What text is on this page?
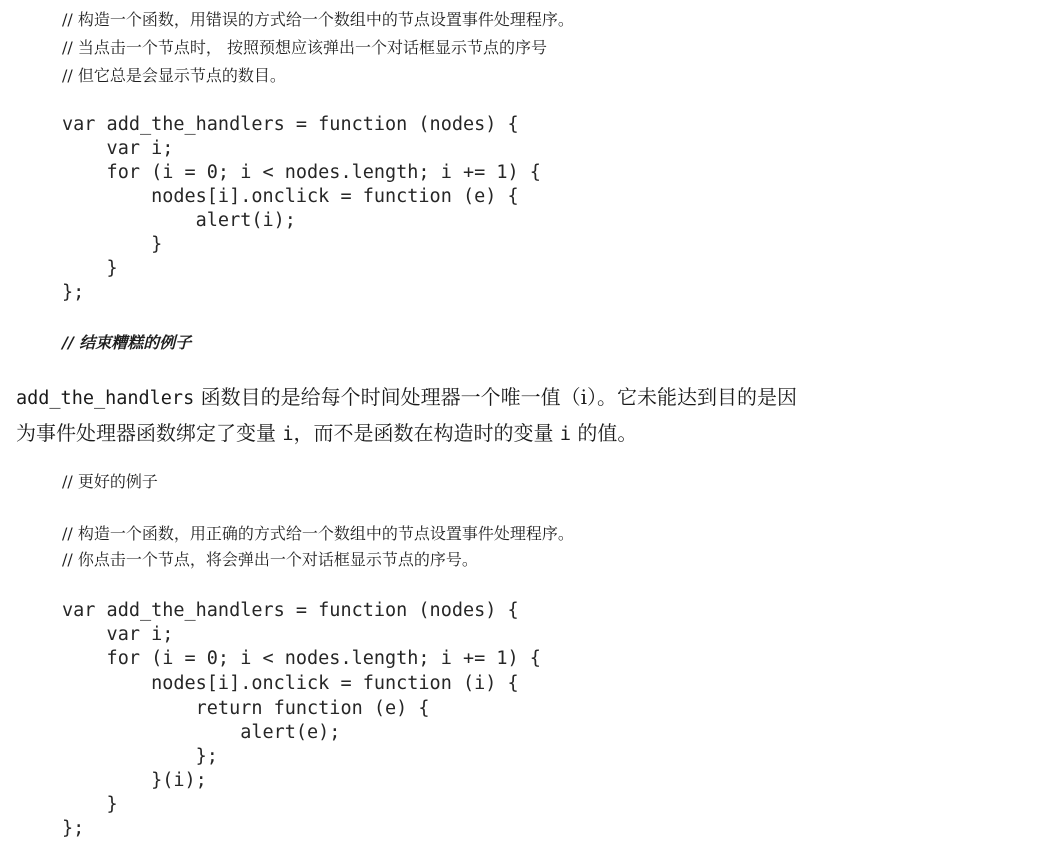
// 构造一个函数，用错误的方式给一个数组中的节点设置事件处理程序。
// 当点击一个节点时， 按照预想应该弹出一个对话框显示节点的序号
// 但它总是会显示节点的数目。
var add_the_handlers = function (nodes) {
var i;
for (i = 0; i < nodes.length; i += 1) {
nodes[i].onclick = function (e) {
alert(i);
}
}
};
// 结束糟糕的例子
add_the_handlers 函数目的是给每个时间处理器一个唯一值（i）。它未能达到目的是因
为事件处理器函数绑定了变量 i，而不是函数在构造时的变量 i 的值。
// 更好的例子
// 构造一个函数，用正确的方式给一个数组中的节点设置事件处理程序。
// 你点击一个节点，将会弹出一个对话框显示节点的序号。
var add_the_handlers = function (nodes) {
var i;
for (i = 0; i < nodes.length; i += 1) {
nodes[i].onclick = function (i) {
return function (e) {
alert(e);
};
}(i);
}
};
